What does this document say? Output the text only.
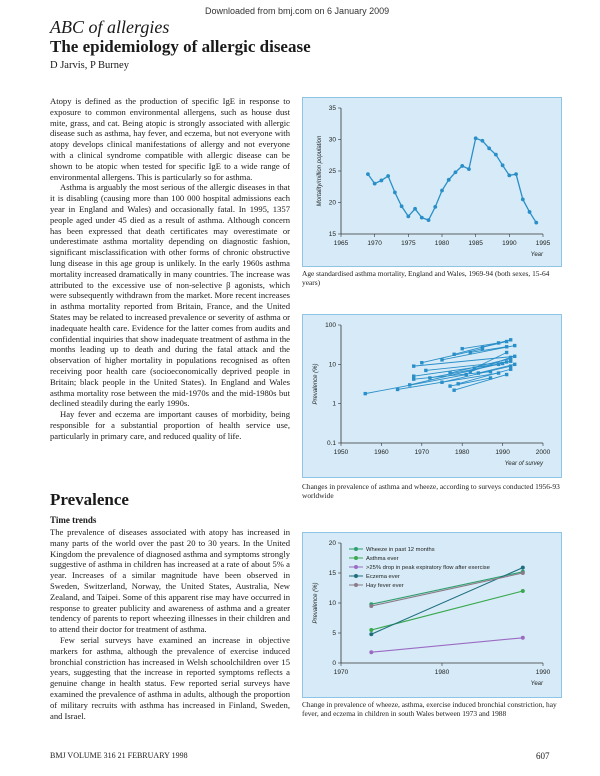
Downloaded from bmj.com on 6 January 2009
ABC of allergies
The epidemiology of allergic disease
D Jarvis, P Burney

Atopy is defined as the production of specific IgE in response to exposure to common environmental allergens, such as house dust mite, grass, and cat. Being atopic is strongly associated with allergic disease such as asthma, hay fever, and eczema, but not everyone with atopy develops clinical manifestations of allergy and not everyone with a clinical syndrome compatible with allergic disease can be shown to be atopic when tested for specific IgE to a wide range of environmental allergens. This is particularly so for asthma.

Asthma is arguably the most serious of the allergic diseases in that it is disabling (causing more than 100 000 hospital admissions each year in England and Wales) and occasionally fatal. In 1995, 1357 people aged under 45 died as a result of asthma. Although concern has been expressed that death certificates may overestimate or underestimate asthma mortality depending on diagnostic fashion, significant misclassification with other forms of chronic obstructive lung disease in this age group is unlikely. In the early 1960s asthma mortality increased dramatically in many countries. The increase was attributed to the excessive use of non-selective β agonists, which were subsequently withdrawn from the market. More recent increases in asthma mortality reported from Britain, France, and the United States may be related to increased prevalence or severity of asthma or inadequate health care. Evidence for the latter comes from audits and confidential inquiries that show inadequate treatment of asthma in the months leading up to death and during the fatal attack and the observation of higher mortality in populations recognised as often receiving poor health care (socioeconomically deprived people in Britain; black people in the United States). In England and Wales asthma mortality rose between the mid-1970s and the mid-1980s but declined steadily during the early 1990s.

Hay fever and eczema are important causes of morbidity, being responsible for a substantial proportion of health service use, particularly in primary care, and reduced quality of life.

Prevalence
Time trends

The prevalence of diseases associated with atopy has increased in many parts of the world over the past 20 to 30 years. In the United Kingdom the prevalence of diagnosed asthma and symptoms strongly suggestive of asthma in children has increased at a rate of about 5% a year. Increases of a similar magnitude have been observed in Sweden, Switzerland, Norway, the United States, Australia, New Zealand, and Taipei. Some of this apparent rise may have occurred in response to greater publicity and awareness of asthma and a greater tendency of parents to report wheezing illnesses in their children and to attend their doctor for treatment of asthma.

Few serial surveys have examined an increase in objective markers for asthma, although the prevalence of exercise induced bronchial constriction has increased in Welsh schoolchildren over 15 years, suggesting that the increase in reported symptoms reflects a genuine change in health status. Few reported serial surveys have examined the prevalence of asthma in adults, although the proportion of military recruits with asthma has increased in Finland, Sweden, and Israel.

1965	1970	1975	1980	1985	1990	1995
15
20
25
30
35
Mortality/million population
Year
Age standardised asthma mortality, England and Wales, 1969-94 (both sexes, 15-64 years)
1950	1960	1970	1980	1990	2000
0.1
1
10
100
Prevalence (%)
Year of survey
Changes in prevalence of asthma and wheeze, according to surveys conducted 1956-93 worldwide
1970	1980	1990
0
5
10
15
20
Prevalence (%)
Year
Wheeze in past 12 months
Asthma ever
>25% drop in peak expiratory flow after exercise
Eczema ever
Hay fever ever
Change in prevalence of wheeze, asthma, exercise induced bronchial constriction, hay fever, and eczema in children in south Wales between 1973 and 1988
BMJ VOLUME 316 21 FEBRUARY 1998	607
